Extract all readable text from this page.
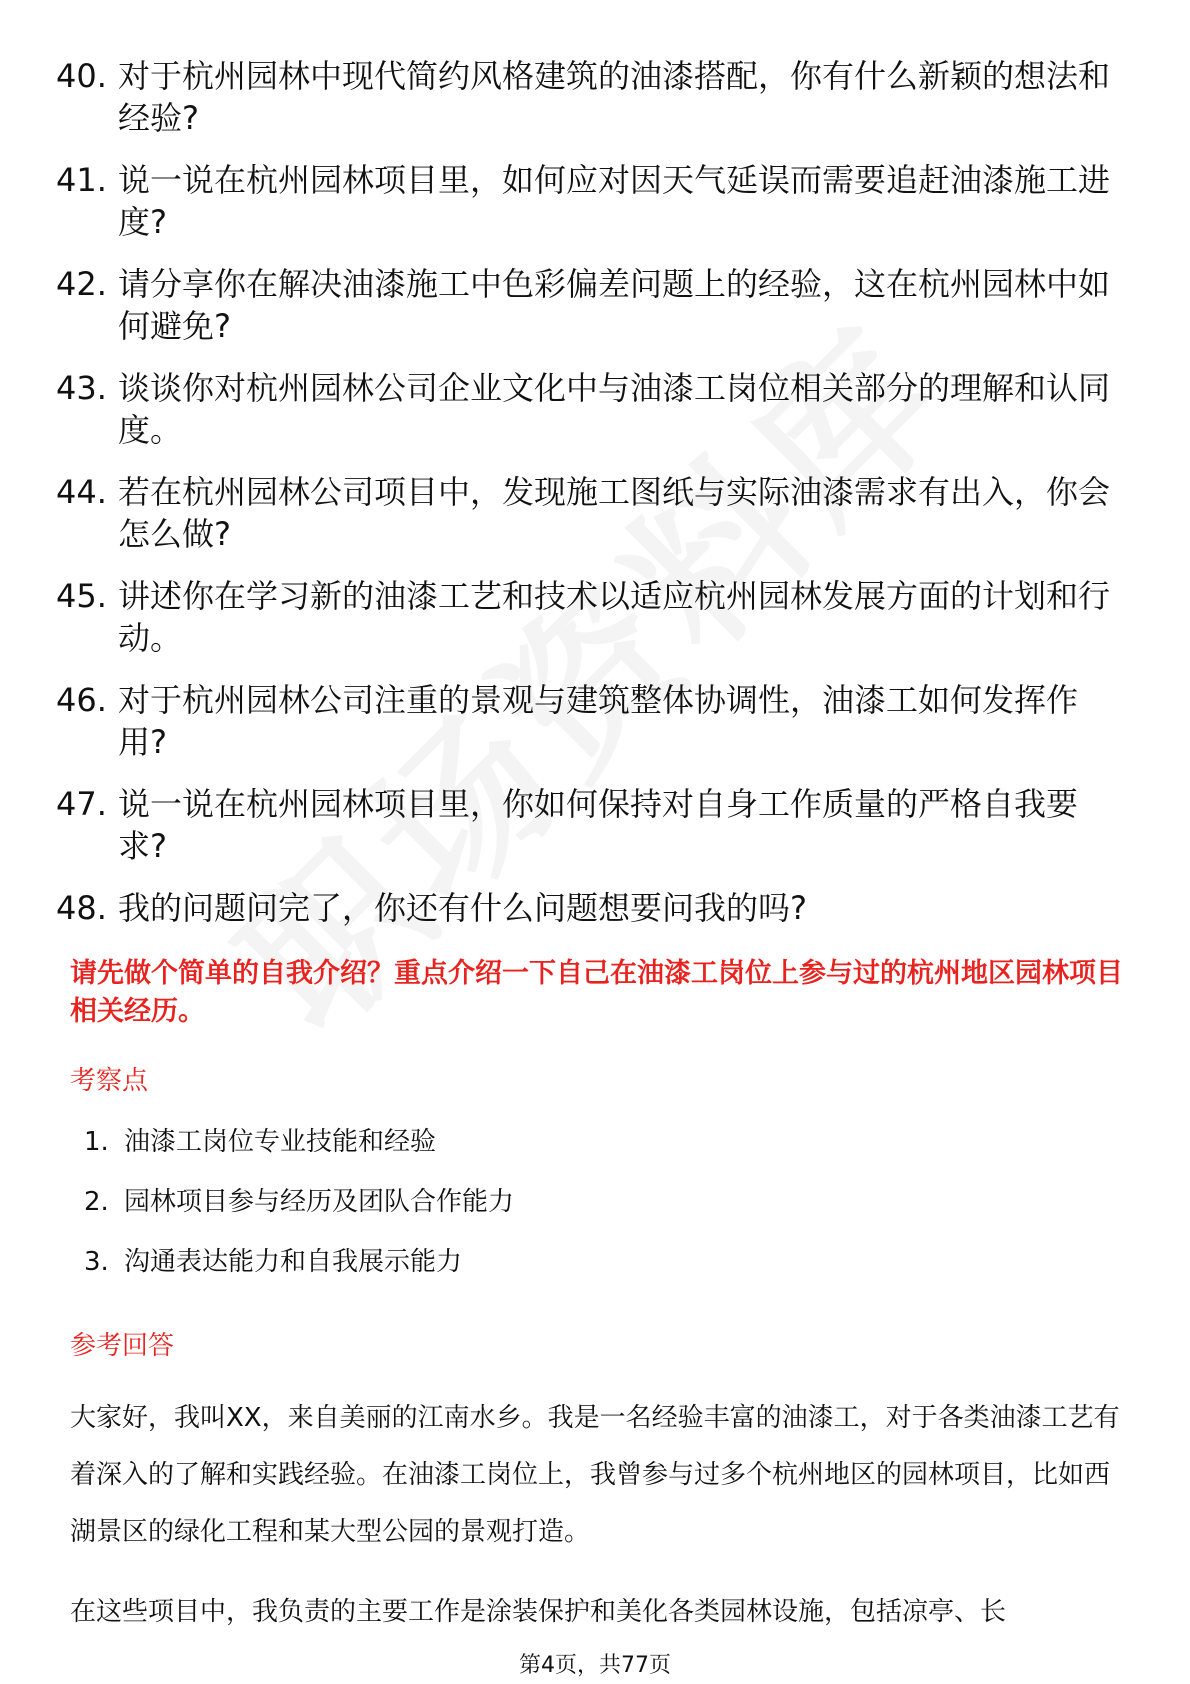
40. 对于杭州园林中现代简约风格建筑的油漆搭配，你有什么新颖的想法和经验?
41. 说一说在杭州园林项目里，如何应对因天气延误而需要追赶油漆施工进度?
42. 请分享你在解决油漆施工中色彩偏差问题上的经验，这在杭州园林中如何避免?
43. 谈谈你对杭州园林公司企业文化中与油漆工岗位相关部分的理解和认同度。
44. 若在杭州园林公司项目中，发现施工图纸与实际油漆需求有出入，你会怎么做?
45. 讲述你在学习新的油漆工艺和技术以适应杭州园林发展方面的计划和行动。
46. 对于杭州园林公司注重的景观与建筑整体协调性，油漆工如何发挥作用?
47. 说一说在杭州园林项目里，你如何保持对自身工作质量的严格自我要求?
48. 我的问题问完了，你还有什么问题想要问我的吗?
请先做个简单的自我介绍？重点介绍一下自己在油漆工岗位上参与过的杭州地区园林项目相关经历。
考察点
1. 油漆工岗位专业技能和经验
2. 园林项目参与经历及团队合作能力
3. 沟通表达能力和自我展示能力
参考回答

大家好，我叫XX，来自美丽的江南水乡。我是一名经验丰富的油漆工，对于各类油漆工艺有着深入的了解和实践经验。在油漆工岗位上，我曾参与过多个杭州地区的园林项目，比如西湖景区的绿化工程和某大型公园的景观打造。

在这些项目中，我负责的主要工作是涂装保护和美化各类园林设施，包括凉亭、长

第4页，共77页
